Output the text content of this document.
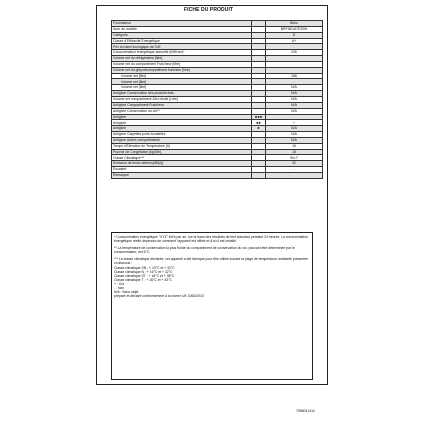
FICHE DU PRODUIT
Fournisseur		Beko
Nom du modèle		BRFNE157E20W
Catégorie		8
Classe d'Efficacité Énergétique		A+
Prix du label écologique de l'UE		-
Consommation énergétique annuelle (kWh/an)*		249
Volume net du réfrigérateur [litre]		
Volume net du compartiment Fraîcheur [litre]		
Volume net du glaçon/compartiment fraîcheur [litre]		
Volume net [litre]		168
Volume net [litre]		-
Volume net [litre]		N/A
Antigivre Conservation des produits frais		N/A
Volume net compartiment Zéro étoile [Litre]		N/A
Antigivre Compartiment Fraîcheur		N/A
Antigivre Conservation du vin**		N/A
Antigivre	✱✱✱	-
Antigivre	✱✱	+
Antigivre	✱	N/A
Antigivre Clayettes porte-bouteilles		N/A
Antigivre Autres compartiments		N/A
Temps d'Élévation de Température [h]		16
Pouvoir de Congélation [kg/24h]		18
Classe Climatique***		SN-T
Émission de bruits aériens[dB(A)]		42
Encastré		-
Remarque		

* Consommation énergétique "XYZ" kWh par an, sur la base des résultats de test standard pendant 24 heures. La consommation énergétique réelle dépendra de comment l'appareil est utilisé et d'où il est installé.

** La température de conservation la plus froide du compartiment de conservation du vin, pouvant être déterminée par le consommateur, est 6°C.

*** La classe climatique déclarée, cet appareil a été fabriqué pour être utilisé suivant la plage de température ambiante présentée ci-dessous :

Classe climatique SN : + 10°C et + 32°C

Classe climatique N : + 16°C et + 32°C

Classe climatique ST : + 16°C et + 38°C

Classe climatique T : + 16°C et + 43°C

+ : Oui

- : Non

N/A : Sans objet

préparé et déclaré conformément à la norme UE 1060/2010

7596041412
